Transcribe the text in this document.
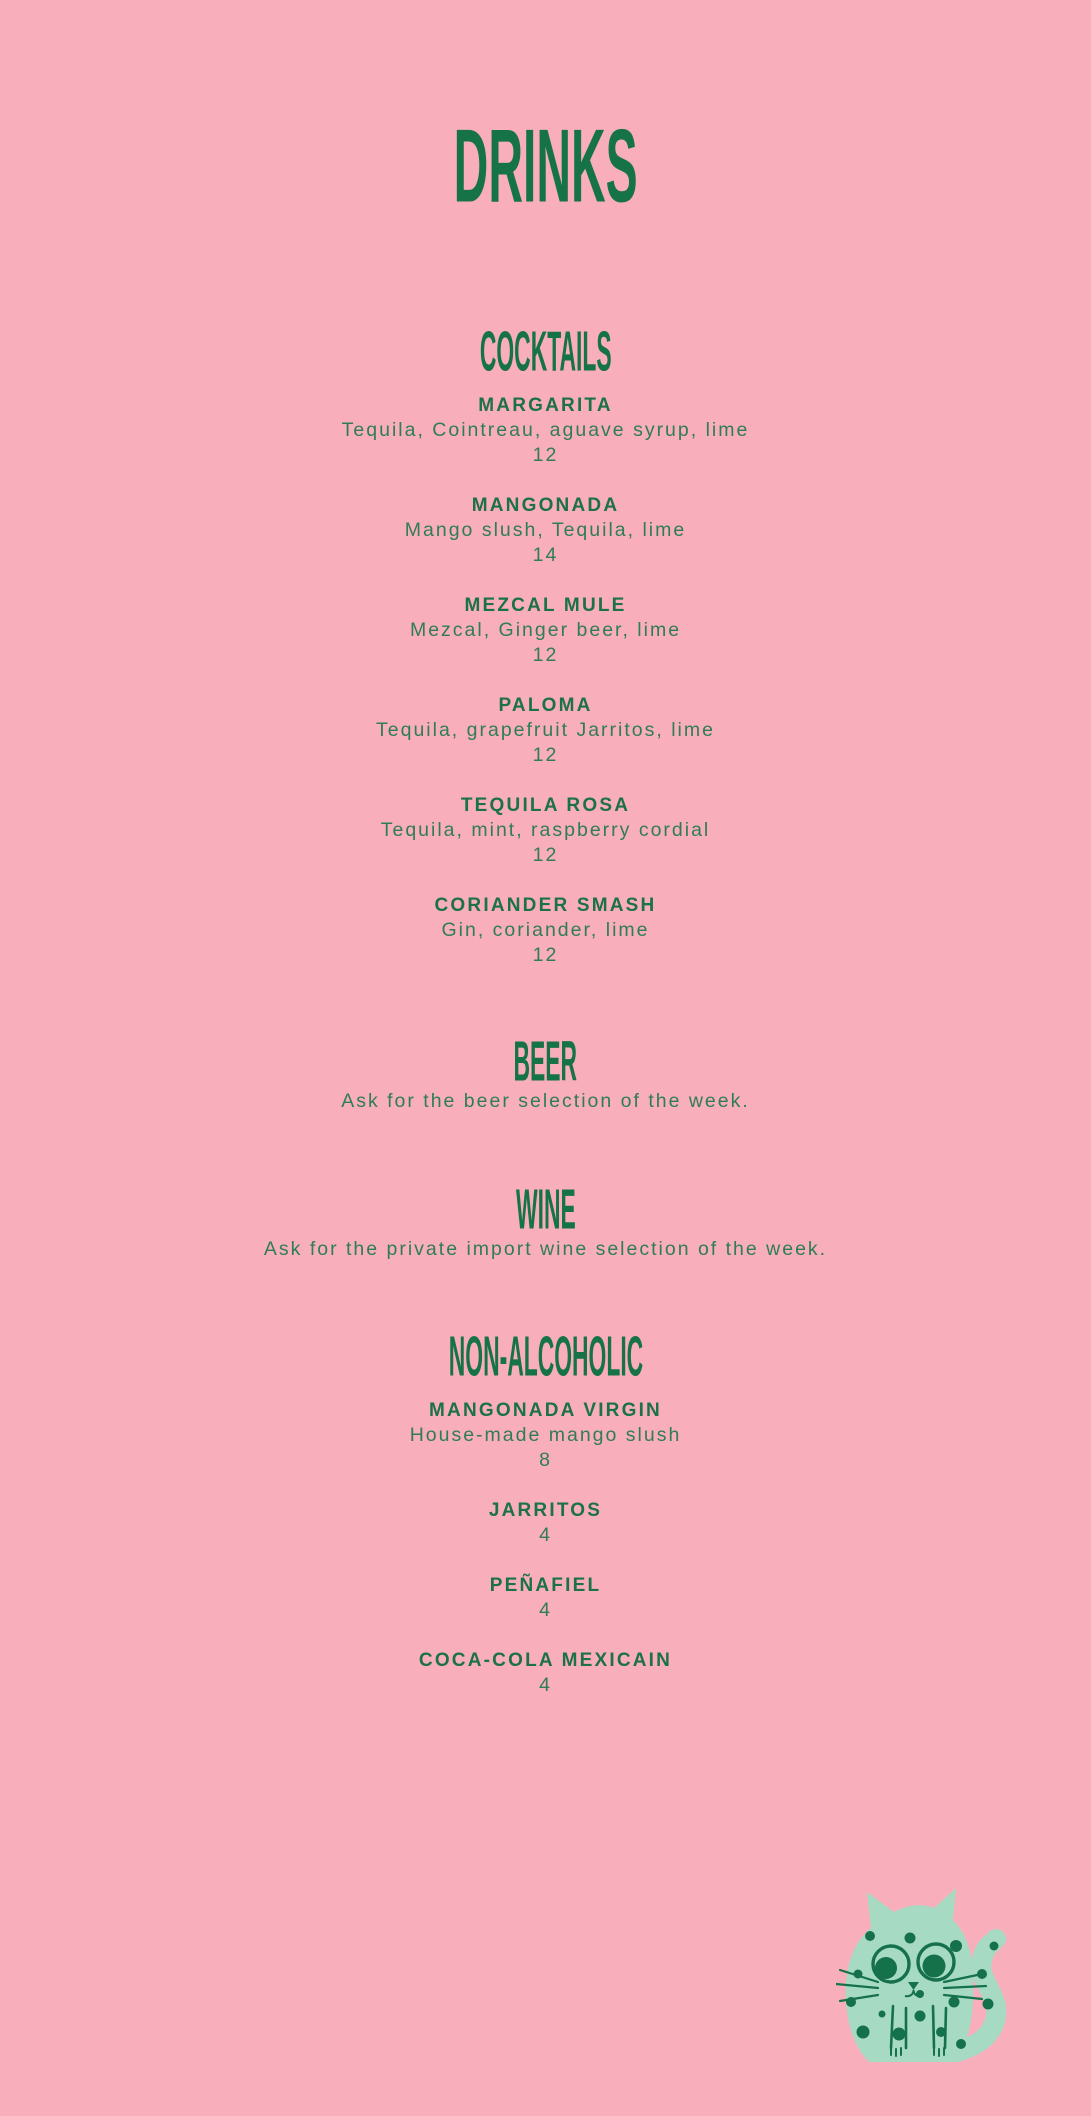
DRINKS
COCKTAILS
MARGARITA
Tequila, Cointreau, aguave syrup, lime
12
MANGONADA
Mango slush, Tequila, lime
14
MEZCAL MULE
Mezcal, Ginger beer, lime
12
PALOMA
Tequila, grapefruit Jarritos, lime
12
TEQUILA ROSA
Tequila, mint, raspberry cordial
12
CORIANDER SMASH
Gin, coriander, lime
12
BEER
Ask for the beer selection of the week.
WINE
Ask for the private import wine selection of the week.
NON-ALCOHOLIC
MANGONADA VIRGIN
House-made mango slush
8
JARRITOS
4
PEÑAFIEL
4
COCA-COLA MEXICAIN
4
